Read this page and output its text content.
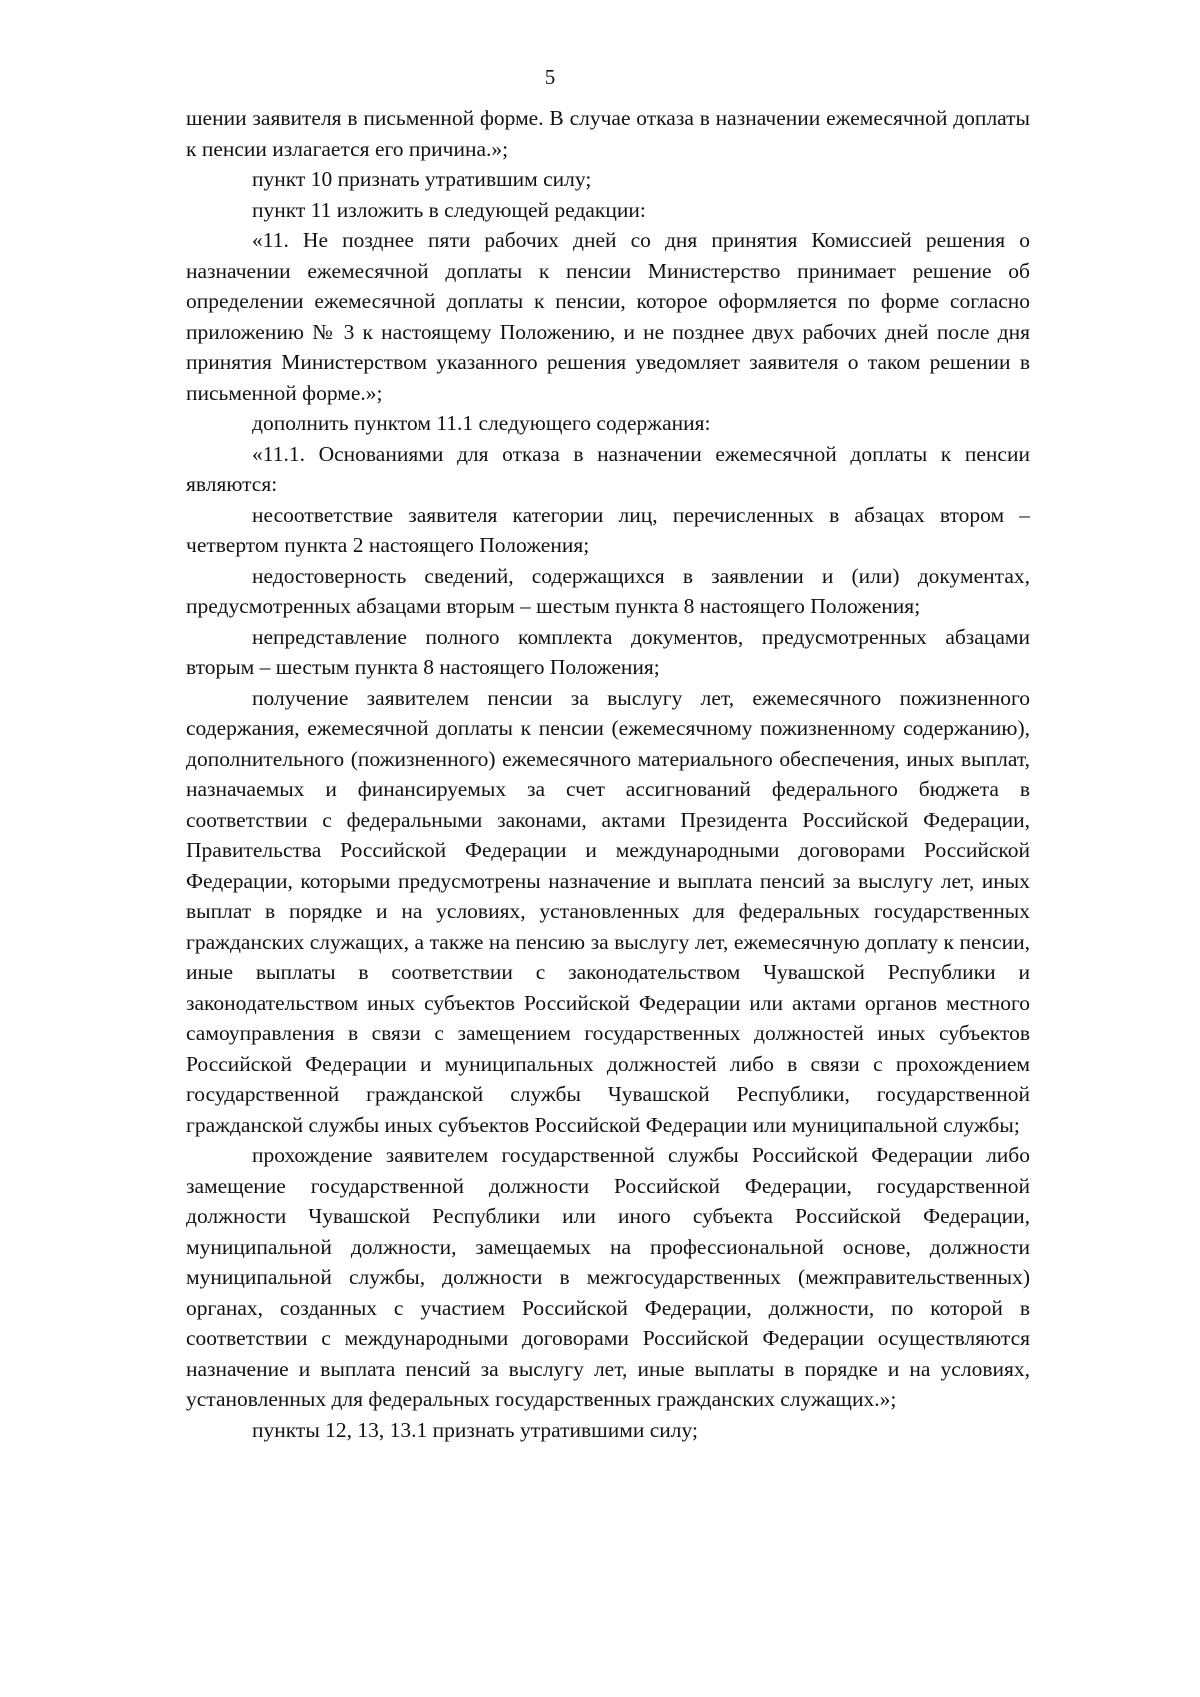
5

шении заявителя в письменной форме. В случае отказа в назначении ежемесячной доплаты к пенсии излагается его причина.»;

пункт 10 признать утратившим силу;

пункт 11 изложить в следующей редакции:

«11. Не позднее пяти рабочих дней со дня принятия Комиссией решения о назначении ежемесячной доплаты к пенсии Министерство принимает решение об определении ежемесячной доплаты к пенсии, которое оформляется по форме согласно приложению № 3 к настоящему Положению, и не позднее двух рабочих дней после дня принятия Министерством указанного решения уведомляет заявителя о таком решении в письменной форме.»;

дополнить пунктом 11.1 следующего содержания:

«11.1. Основаниями для отказа в назначении ежемесячной доплаты к пенсии являются:

несоответствие заявителя категории лиц, перечисленных в абзацах втором – четвертом пункта 2 настоящего Положения;

недостоверность сведений, содержащихся в заявлении и (или) документах, предусмотренных абзацами вторым – шестым пункта 8 настоящего Положения;

непредставление полного комплекта документов, предусмотренных абзацами вторым – шестым пункта 8 настоящего Положения;

получение заявителем пенсии за выслугу лет, ежемесячного пожизненного содержания, ежемесячной доплаты к пенсии (ежемесячному пожизненному содержанию), дополнительного (пожизненного) ежемесячного материального обеспечения, иных выплат, назначаемых и финансируемых за счет ассигнований федерального бюджета в соответствии с федеральными законами, актами Президента Российской Федерации, Правительства Российской Федерации и международными договорами Российской Федерации, которыми предусмотрены назначение и выплата пенсий за выслугу лет, иных выплат в порядке и на условиях, установленных для федеральных государственных гражданских служащих, а также на пенсию за выслугу лет, ежемесячную доплату к пенсии, иные выплаты в соответствии с законодательством Чувашской Республики и законодательством иных субъектов Российской Федерации или актами органов местного самоуправления в связи с замещением государственных должностей иных субъектов Российской Федерации и муниципальных должностей либо в связи с прохождением государственной гражданской службы Чувашской Республики, государственной гражданской службы иных субъектов Российской Федерации или муниципальной службы;

прохождение заявителем государственной службы Российской Федерации либо замещение государственной должности Российской Федерации, государственной должности Чувашской Республики или иного субъекта Российской Федерации, муниципальной должности, замещаемых на профессиональной основе, должности муниципальной службы, должности в межгосударственных (межправительственных) органах, созданных с участием Российской Федерации, должности, по которой в соответствии с международными договорами Российской Федерации осуществляются назначение и выплата пенсий за выслугу лет, иные выплаты в порядке и на условиях, установленных для федеральных государственных гражданских служащих.»;

пункты 12, 13, 13.1 признать утратившими силу;
